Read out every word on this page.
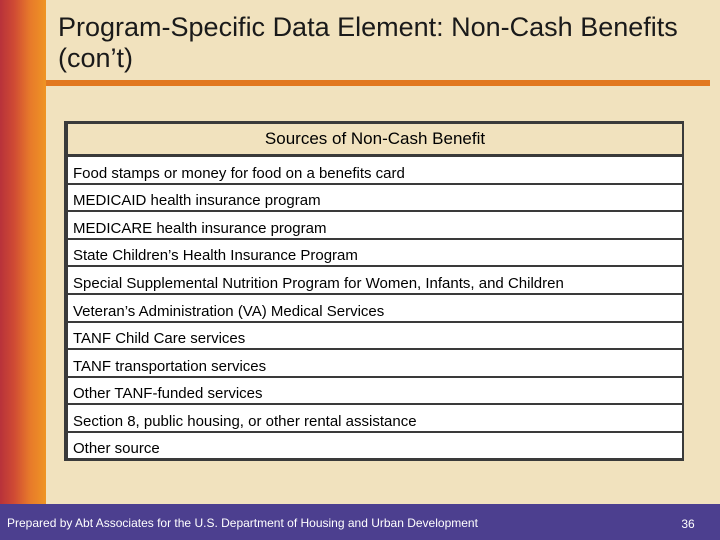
Program-Specific Data Element: Non-Cash Benefits (con’t)
Sources of Non-Cash Benefit
Food stamps or money for food on a benefits card
MEDICAID health insurance program
MEDICARE health insurance program
State Children’s Health Insurance Program
Special Supplemental Nutrition Program for Women, Infants, and Children
Veteran’s Administration (VA) Medical Services
TANF Child Care services
TANF transportation services
Other TANF-funded services
Section 8, public housing, or other rental assistance
Other source
Prepared by Abt Associates for the U.S. Department of Housing and Urban Development	36
